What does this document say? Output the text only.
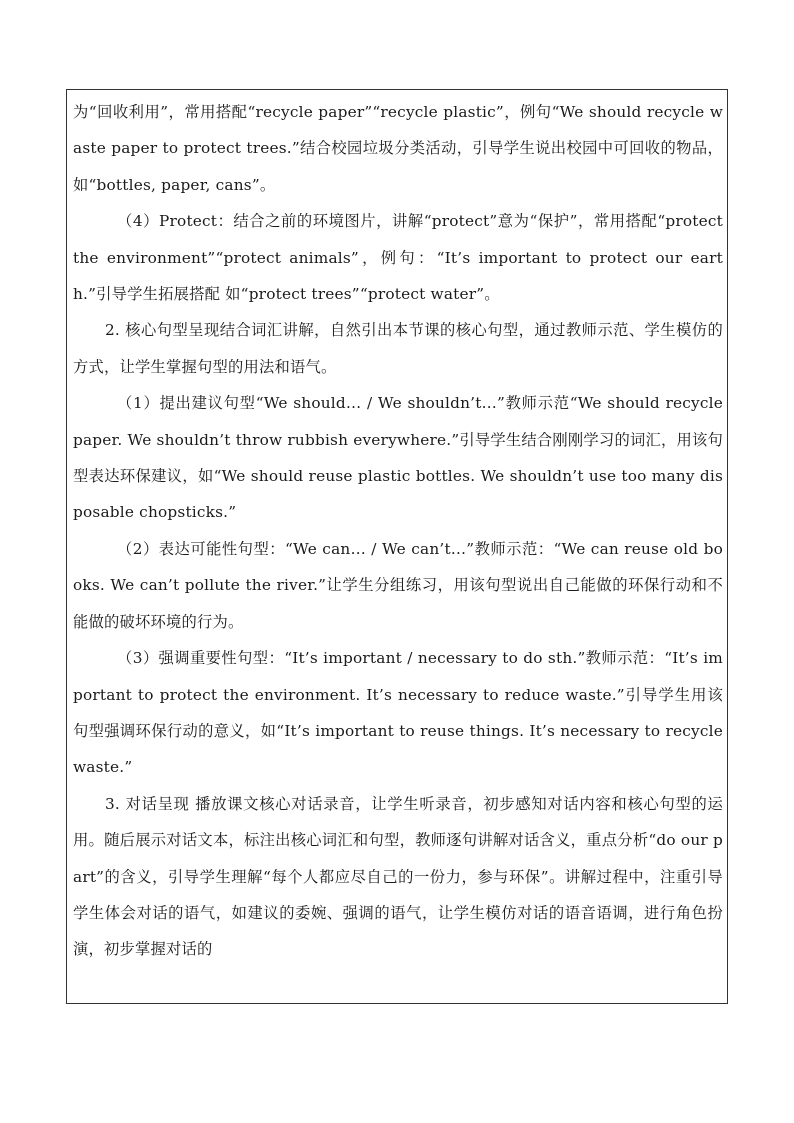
为“回收利用”，常用搭配“recycle paper”“recycle plastic”，例句“We should recycle waste paper to protect trees.”结合校园垃圾分类活动，引导学生说出校园中可回收的物品，如“bottles, paper, cans”。

（4）Protect：结合之前的环境图片，讲解“protect”意为“保护”，常用搭配“protect the environment”“protect animals”，例句：“It’s important to protect our earth.”引导学生拓展搭配 如“protect trees”“protect water”。

2. 核心句型呈现结合词汇讲解，自然引出本节课的核心句型，通过教师示范、学生模仿的方式，让学生掌握句型的用法和语气。

（1）提出建议句型“We should… / We shouldn’t…”教师示范“We should recycle paper. We shouldn’t throw rubbish everywhere.”引导学生结合刚刚学习的词汇，用该句型表达环保建议，如“We should reuse plastic bottles. We shouldn’t use too many disposable chopsticks.”

（2）表达可能性句型：“We can… / We can’t…”教师示范：“We can reuse old books. We can’t pollute the river.”让学生分组练习，用该句型说出自己能做的环保行动和不能做的破坏环境的行为。

（3）强调重要性句型：“It’s important / necessary to do sth.”教师示范：“It’s important to protect the environment. It’s necessary to reduce waste.”引导学生用该句型强调环保行动的意义，如“It’s important to reuse things. It’s necessary to recycle waste.”

3. 对话呈现 播放课文核心对话录音，让学生听录音，初步感知对话内容和核心句型的运用。随后展示对话文本，标注出核心词汇和句型，教师逐句讲解对话含义，重点分析“do our part”的含义，引导学生理解“每个人都应尽自己的一份力，参与环保”。讲解过程中，注重引导学生体会对话的语气，如建议的委婉、强调的语气，让学生模仿对话的语音语调，进行角色扮演，初步掌握对话的
